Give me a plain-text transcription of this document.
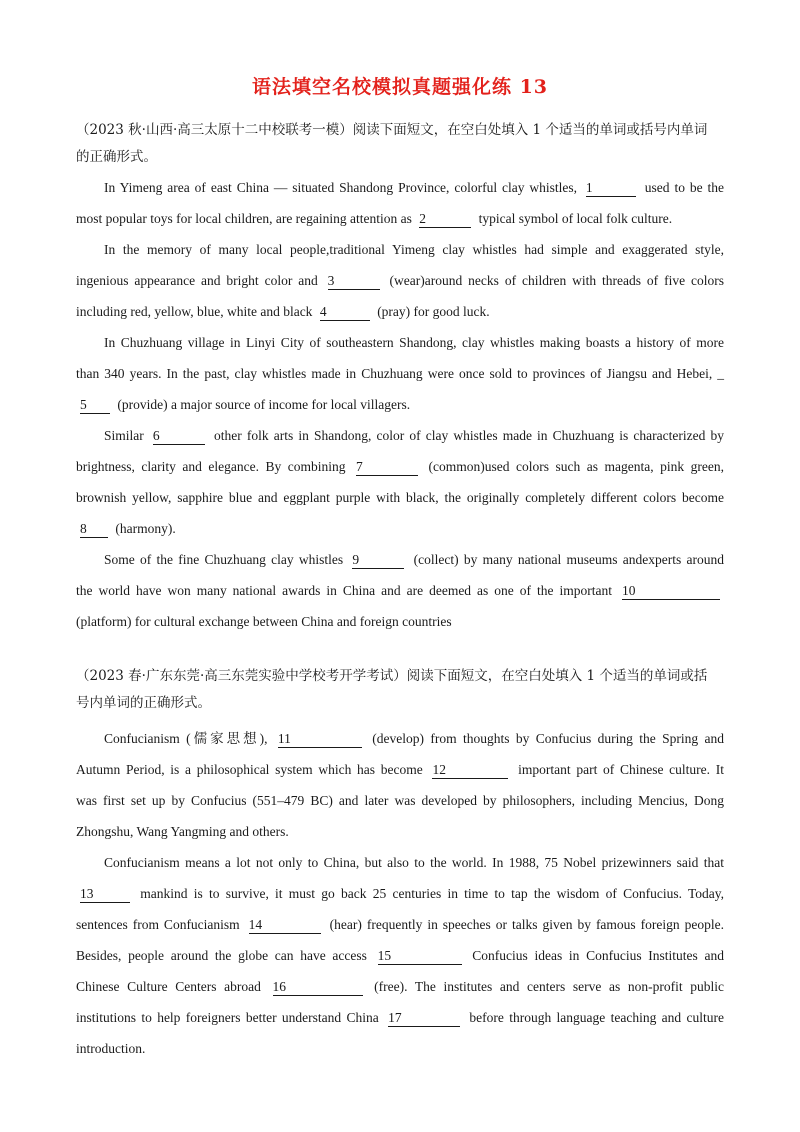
语法填空名校模拟真题强化练 13
（2023 秋·山西·高三太原十二中校联考一模）阅读下面短文，在空白处填入 1 个适当的单词或括号内单词
的正确形式。
In Yimeng area of east China — situated Shandong Province, colorful clay whistles, 1	used to be the
most popular toys for local children, are regaining attention as 2	typical symbol of local folk culture.
In the memory of many local people,traditional Yimeng clay whistles had simple and exaggerated style,
ingenious appearance and bright color and 3	(wear)around necks of children with threads of five colors
including red, yellow, blue, white and black 4	(pray) for good luck.
In Chuzhuang village in Linyi City of southeastern Shandong, clay whistles making boasts a history of more
than 340 years. In the past, clay whistles made in Chuzhuang were once sold to provinces of Jiangsu and Hebei, _
5 (provide) a major source of income for local villagers.
Similar 6	other folk arts in Shandong, color of clay whistles made in Chuzhuang is characterized by
brightness, clarity and elegance. By combining 7	(common)used colors such as magenta, pink green,
brownish yellow, sapphire blue and eggplant purple with black, the originally completely different colors become
8 (harmony).
Some of the fine Chuzhuang clay whistles 9	(collect) by many national museums andexperts around
the world have won many national awards in China and are deemed as one of the important 10
(platform) for cultural exchange between China and foreign countries
（2023 春·广东东莞·高三东莞实验中学校考开学考试）阅读下面短文，在空白处填入 1 个适当的单词或括
号内单词的正确形式。
Confucianism (儒家思想), 11	(develop) from thoughts by Confucius during the Spring and
Autumn Period, is a philosophical system which has become 12	important part of Chinese culture. It
was first set up by Confucius (551–479 BC) and later was developed by philosophers, including Mencius, Dong
Zhongshu, Wang Yangming and others.
Confucianism means a lot not only to China, but also to the world. In 1988, 75 Nobel prizewinners said that
13	mankind is to survive, it must go back 25 centuries in time to tap the wisdom of Confucius. Today,
sentences from Confucianism 14	(hear) frequently in speeches or talks given by famous foreign people.
Besides, people around the globe can have access 15	Confucius ideas in Confucius Institutes and
Chinese Culture Centers abroad 16	(free). The institutes and centers serve as non-profit public
institutions to help foreigners better understand China 17	before through language teaching and culture
introduction.
